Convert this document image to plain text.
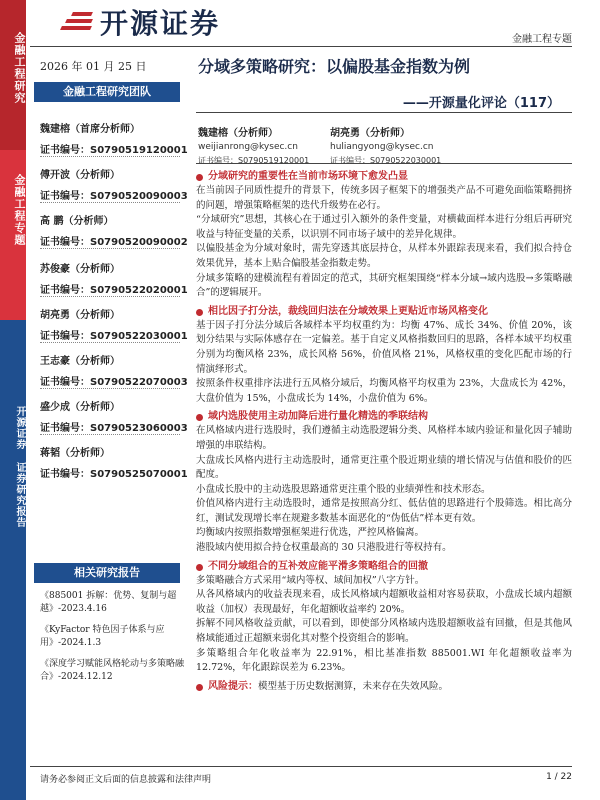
金融工程研究
金融工程专题
开源证券 证券研究报告
开源证券	金融工程专题
2026 年 01 月 25 日
金融工程研究团队
魏建榕（首席分析师）
证书编号：S0790519120001
傅开波（分析师）
证书编号：S0790520090003
高 鹏（分析师）
证书编号：S0790520090002
苏俊豪（分析师）
证书编号：S0790522020001
胡亮勇（分析师）
证书编号：S0790522030001
王志豪（分析师）
证书编号：S0790522070003
盛少成（分析师）
证书编号：S0790523060003
蒋韬（分析师）
证书编号：S0790525070001
相关研究报告
《885001 拆解：优势、复制与超越》-2023.4.16
《KyFactor 特色因子体系与应用》-2024.1.3
《深度学习赋能风格轮动与多策略融合》-2024.12.12
分域多策略研究：以偏股基金指数为例
——开源量化评论（117）
魏建榕（分析师）
weijianrong@kysec.cn
证书编号：S0790519120001
胡亮勇（分析师）
huliangyong@kysec.cn
证书编号：S0790522030001
分域研究的重要性在当前市场环境下愈发凸显
在当前因子同质性提升的背景下，传统多因子框架下的增强类产品不可避免面临策略拥挤的问题，增强策略框架的迭代升级势在必行。
“分域研究”思想，其核心在于通过引入额外的条件变量，对横截面样本进行分组后再研究收益与特征变量的关系，以识别不同市场子域中的差异化规律。
以偏股基金为分域对象时，需先穿透其底层持仓，从样本外跟踪表现来看，我们拟合持仓效果优异，基本上贴合偏股基金指数走势。
分域多策略的建模流程有着固定的范式，其研究框架围绕“样本分域→域内选股→多策略融合”的逻辑展开。
相比因子打分法，裁线回归法在分域效果上更贴近市场风格变化
基于因子打分法分域后各域样本平均权重约为：均衡 47%、成长 34%、价值 20%，该划分结果与实际体感存在一定偏差。基于自定义风格指数回归的思路，各样本域平均权重分别为均衡风格 23%，成长风格 56%，价值风格 21%，风格权重的变化匹配市场的行情演绎形式。
按照条件权重排序法进行五风格分域后，均衡风格平均权重为 23%，大盘成长为 42%，大盘价值为 15%，小盘成长为 14%，小盘价值为 6%。
域内选股使用主动加降后进行量化精选的季联结构
在风格域内进行选股时，我们遵循主动选股逻辑分类、风格样本域内验证和量化因子辅助增强的串联结构。
大盘成长风格内进行主动选股时，通常更注重个股近期业绩的增长情况与估值和股价的匹配度。
小盘成长股中的主动选股思路通常更注重个股的业绩弹性和技术形态。
价值风格内进行主动选股时，通常是按照高分红、低估值的思路进行个股筛选。相比高分红，测试发现增长率在规避多数基本面恶化的“伪低估”样本更有效。
均衡域内按照指数增强框架进行优选，严控风格偏离。
港股域内使用拟合持仓权重最高的 30 只港股进行等权持有。
不同分域组合的互补效应能平滑多策略组合的回撤
多策略融合方式采用“域内等权、域间加权”八字方针。
从各风格域内的收益表现来看，成长风格域内超额收益相对容易获取，小盘成长域内超额收益（加权）表现最好，年化超额收益率约 20%。
拆解不同风格收益贡献，可以看到，即使部分风格域内选股超额收益有回撤，但是其他风格域能通过正超额来弱化其对整个投资组合的影响。
多策略组合年化收益率为 22.91%，相比基准指数 885001.WI 年化超额收益率为 12.72%，年化跟踪误差为 6.23%。
风险提示： 模型基于历史数据测算，未来存在失效风险。
请务必参阅正文后面的信息披露和法律声明	1 / 22
